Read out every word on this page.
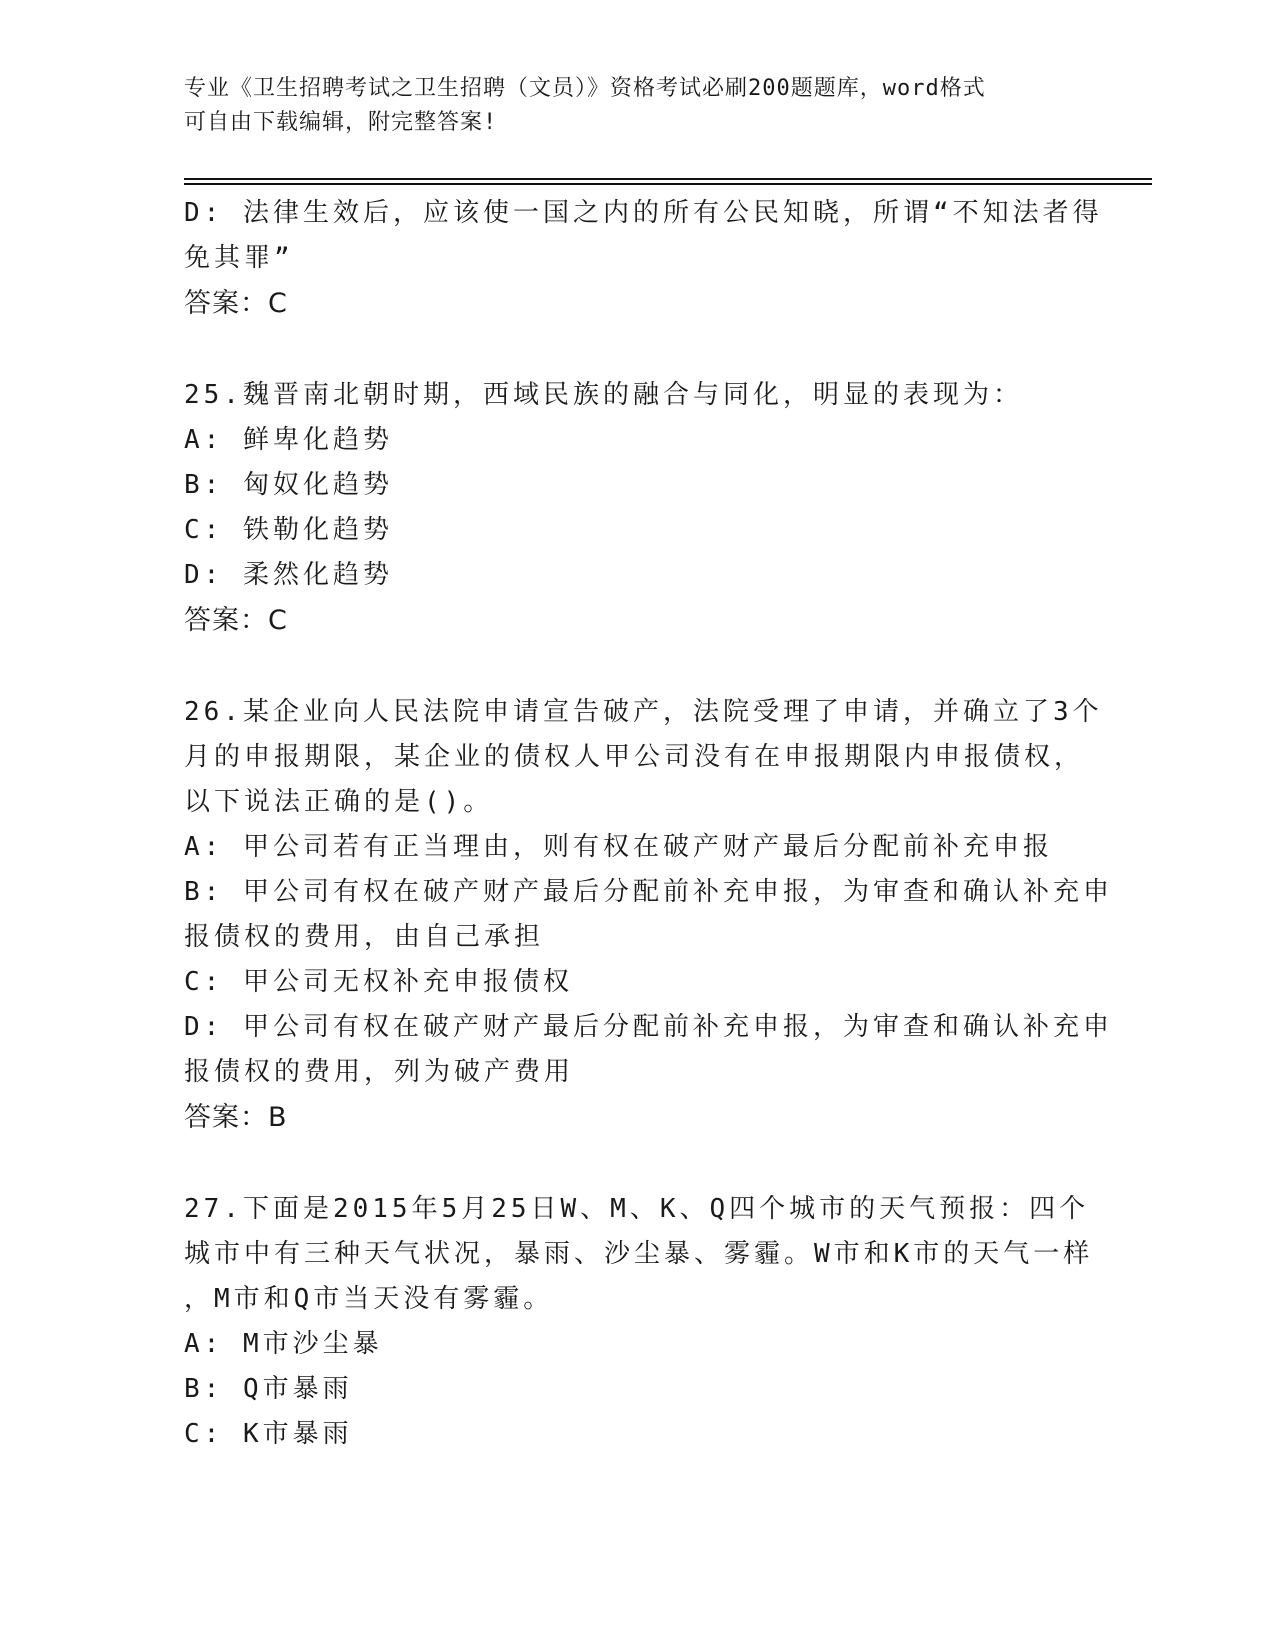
专业《卫生招聘考试之卫生招聘（文员）》资格考试必刷200题题库，word格式
可自由下载编辑，附完整答案!
D: 法律生效后，应该使一国之内的所有公民知晓，所谓“不知法者得
免其罪”
答案：C
25.魏晋南北朝时期，西域民族的融合与同化，明显的表现为：
A: 鲜卑化趋势
B: 匈奴化趋势
C: 铁勒化趋势
D: 柔然化趋势
答案：C
26.某企业向人民法院申请宣告破产，法院受理了申请，并确立了3个
月的申报期限，某企业的债权人甲公司没有在申报期限内申报债权，
以下说法正确的是()。
A: 甲公司若有正当理由，则有权在破产财产最后分配前补充申报
B: 甲公司有权在破产财产最后分配前补充申报，为审查和确认补充申
报债权的费用，由自己承担
C: 甲公司无权补充申报债权
D: 甲公司有权在破产财产最后分配前补充申报，为审查和确认补充申
报债权的费用，列为破产费用
答案：B
27.下面是2015年5月25日W、M、K、Q四个城市的天气预报：四个
城市中有三种天气状况，暴雨、沙尘暴、雾霾。W市和K市的天气一样
，M市和Q市当天没有雾霾。
A: M市沙尘暴
B: Q市暴雨
C: K市暴雨
